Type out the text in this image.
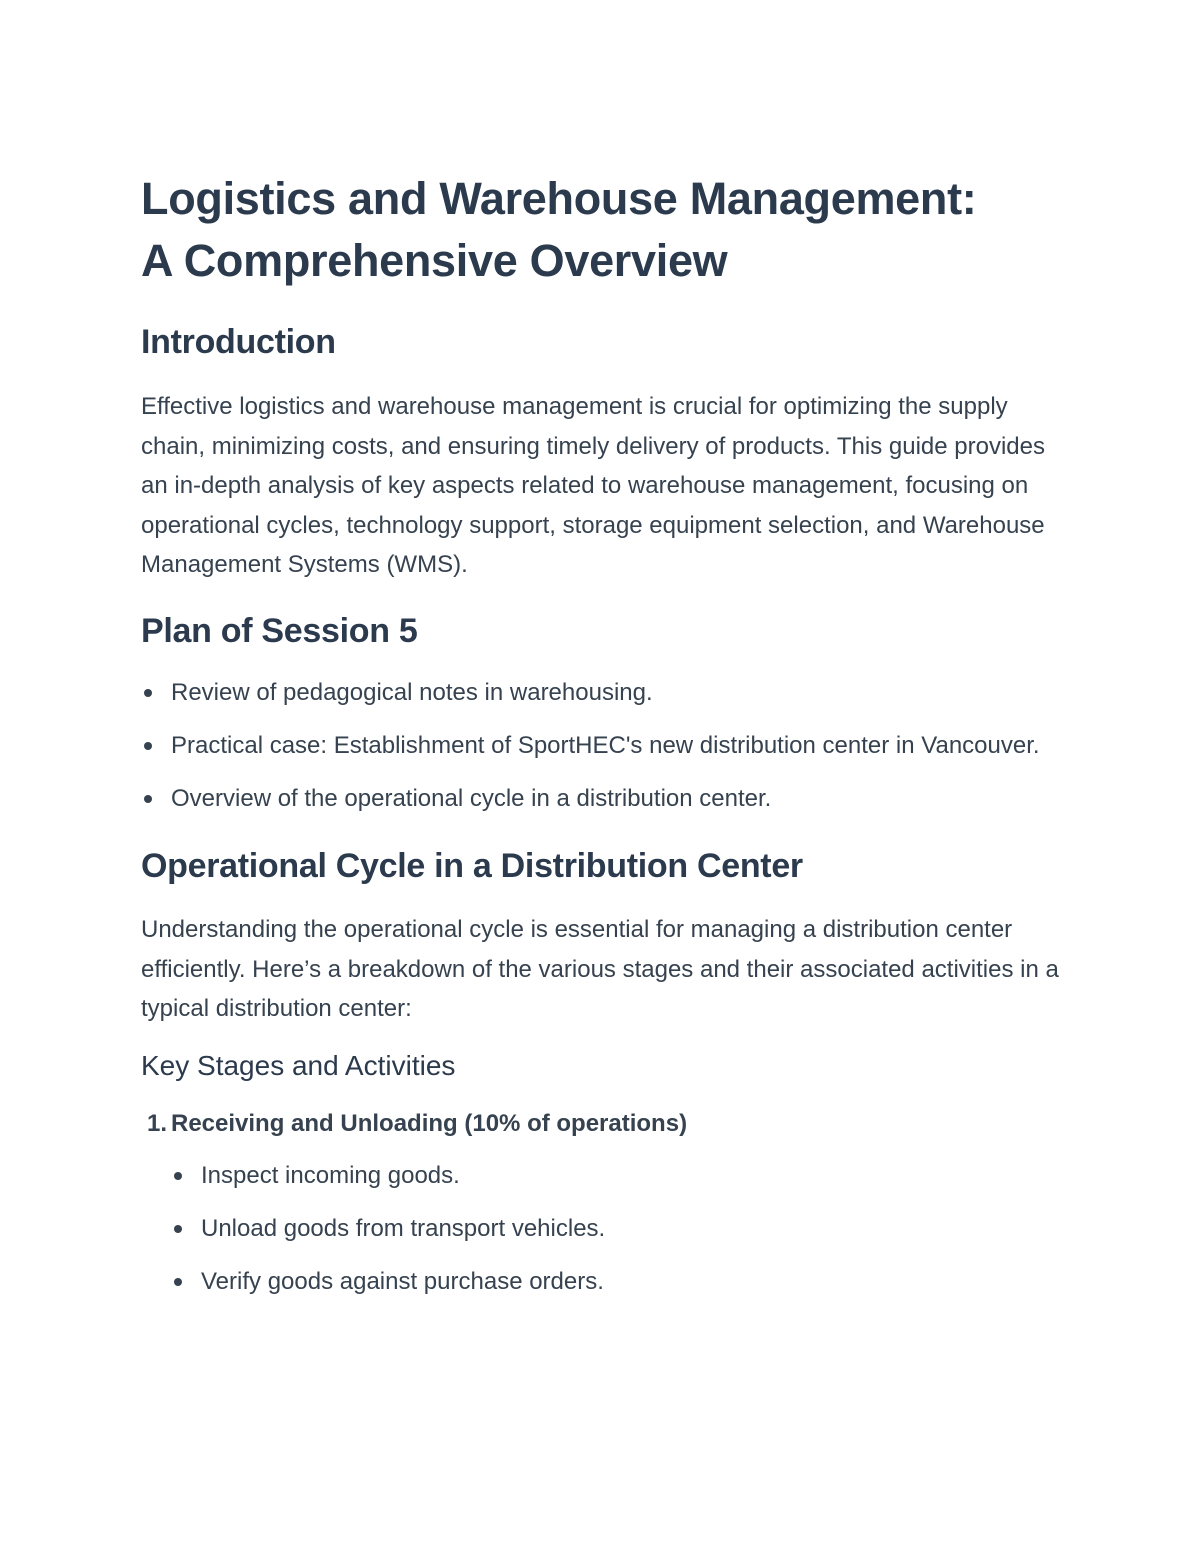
Logistics and Warehouse Management:
A Comprehensive Overview
Introduction

Effective logistics and warehouse management is crucial for optimizing the supply chain, minimizing costs, and ensuring timely delivery of products. This guide provides an in-depth analysis of key aspects related to warehouse management, focusing on operational cycles, technology support, storage equipment selection, and Warehouse Management Systems (WMS).

Plan of Session 5
Review of pedagogical notes in warehousing.
Practical case: Establishment of SportHEC's new distribution center in Vancouver.
Overview of the operational cycle in a distribution center.
Operational Cycle in a Distribution Center

Understanding the operational cycle is essential for managing a distribution center efficiently. Here’s a breakdown of the various stages and their associated activities in a typical distribution center:

Key Stages and Activities
1. Receiving and Unloading (10% of operations)
Inspect incoming goods.
Unload goods from transport vehicles.
Verify goods against purchase orders.
